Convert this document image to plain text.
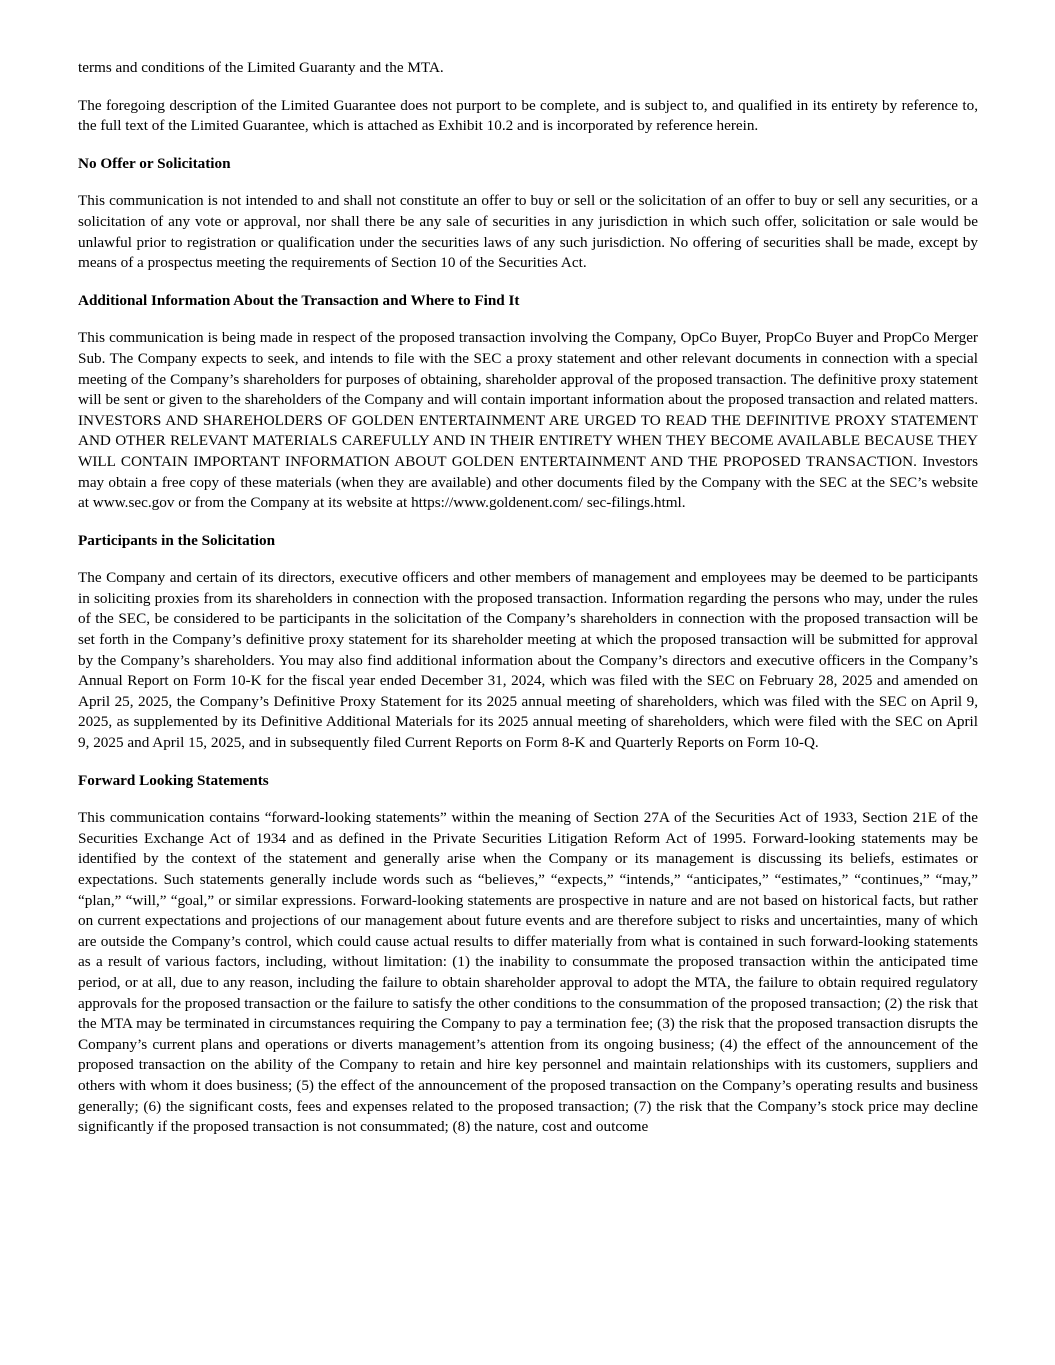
terms and conditions of the Limited Guaranty and the MTA.

The foregoing description of the Limited Guarantee does not purport to be complete, and is subject to, and qualified in its entirety by reference to, the full text of the Limited Guarantee, which is attached as Exhibit 10.2 and is incorporated by reference herein.

No Offer or Solicitation

This communication is not intended to and shall not constitute an offer to buy or sell or the solicitation of an offer to buy or sell any securities, or a solicitation of any vote or approval, nor shall there be any sale of securities in any jurisdiction in which such offer, solicitation or sale would be unlawful prior to registration or qualification under the securities laws of any such jurisdiction. No offering of securities shall be made, except by means of a prospectus meeting the requirements of Section 10 of the Securities Act.

Additional Information About the Transaction and Where to Find It

This communication is being made in respect of the proposed transaction involving the Company, OpCo Buyer, PropCo Buyer and PropCo Merger Sub. The Company expects to seek, and intends to file with the SEC a proxy statement and other relevant documents in connection with a special meeting of the Company’s shareholders for purposes of obtaining, shareholder approval of the proposed transaction. The definitive proxy statement will be sent or given to the shareholders of the Company and will contain important information about the proposed transaction and related matters. INVESTORS AND SHAREHOLDERS OF GOLDEN ENTERTAINMENT ARE URGED TO READ THE DEFINITIVE PROXY STATEMENT AND OTHER RELEVANT MATERIALS CAREFULLY AND IN THEIR ENTIRETY WHEN THEY BECOME AVAILABLE BECAUSE THEY WILL CONTAIN IMPORTANT INFORMATION ABOUT GOLDEN ENTERTAINMENT AND THE PROPOSED TRANSACTION. Investors may obtain a free copy of these materials (when they are available) and other documents filed by the Company with the SEC at the SEC’s website at www.sec.gov or from the Company at its website at https://www.goldenent.com/ sec-filings.html.

Participants in the Solicitation

The Company and certain of its directors, executive officers and other members of management and employees may be deemed to be participants in soliciting proxies from its shareholders in connection with the proposed transaction. Information regarding the persons who may, under the rules of the SEC, be considered to be participants in the solicitation of the Company’s shareholders in connection with the proposed transaction will be set forth in the Company’s definitive proxy statement for its shareholder meeting at which the proposed transaction will be submitted for approval by the Company’s shareholders. You may also find additional information about the Company’s directors and executive officers in the Company’s Annual Report on Form 10-K for the fiscal year ended December 31, 2024, which was filed with the SEC on February 28, 2025 and amended on April 25, 2025, the Company’s Definitive Proxy Statement for its 2025 annual meeting of shareholders, which was filed with the SEC on April 9, 2025, as supplemented by its Definitive Additional Materials for its 2025 annual meeting of shareholders, which were filed with the SEC on April 9, 2025 and April 15, 2025, and in subsequently filed Current Reports on Form 8-K and Quarterly Reports on Form 10-Q.

Forward Looking Statements

This communication contains “forward-looking statements” within the meaning of Section 27A of the Securities Act of 1933, Section 21E of the Securities Exchange Act of 1934 and as defined in the Private Securities Litigation Reform Act of 1995. Forward-looking statements may be identified by the context of the statement and generally arise when the Company or its management is discussing its beliefs, estimates or expectations. Such statements generally include words such as “believes,” “expects,” “intends,” “anticipates,” “estimates,” “continues,” “may,” “plan,” “will,” “goal,” or similar expressions. Forward-looking statements are prospective in nature and are not based on historical facts, but rather on current expectations and projections of our management about future events and are therefore subject to risks and uncertainties, many of which are outside the Company’s control, which could cause actual results to differ materially from what is contained in such forward-looking statements as a result of various factors, including, without limitation: (1) the inability to consummate the proposed transaction within the anticipated time period, or at all, due to any reason, including the failure to obtain shareholder approval to adopt the MTA, the failure to obtain required regulatory approvals for the proposed transaction or the failure to satisfy the other conditions to the consummation of the proposed transaction; (2) the risk that the MTA may be terminated in circumstances requiring the Company to pay a termination fee; (3) the risk that the proposed transaction disrupts the Company’s current plans and operations or diverts management’s attention from its ongoing business; (4) the effect of the announcement of the proposed transaction on the ability of the Company to retain and hire key personnel and maintain relationships with its customers, suppliers and others with whom it does business; (5) the effect of the announcement of the proposed transaction on the Company’s operating results and business generally; (6) the significant costs, fees and expenses related to the proposed transaction; (7) the risk that the Company’s stock price may decline significantly if the proposed transaction is not consummated; (8) the nature, cost and outcome
